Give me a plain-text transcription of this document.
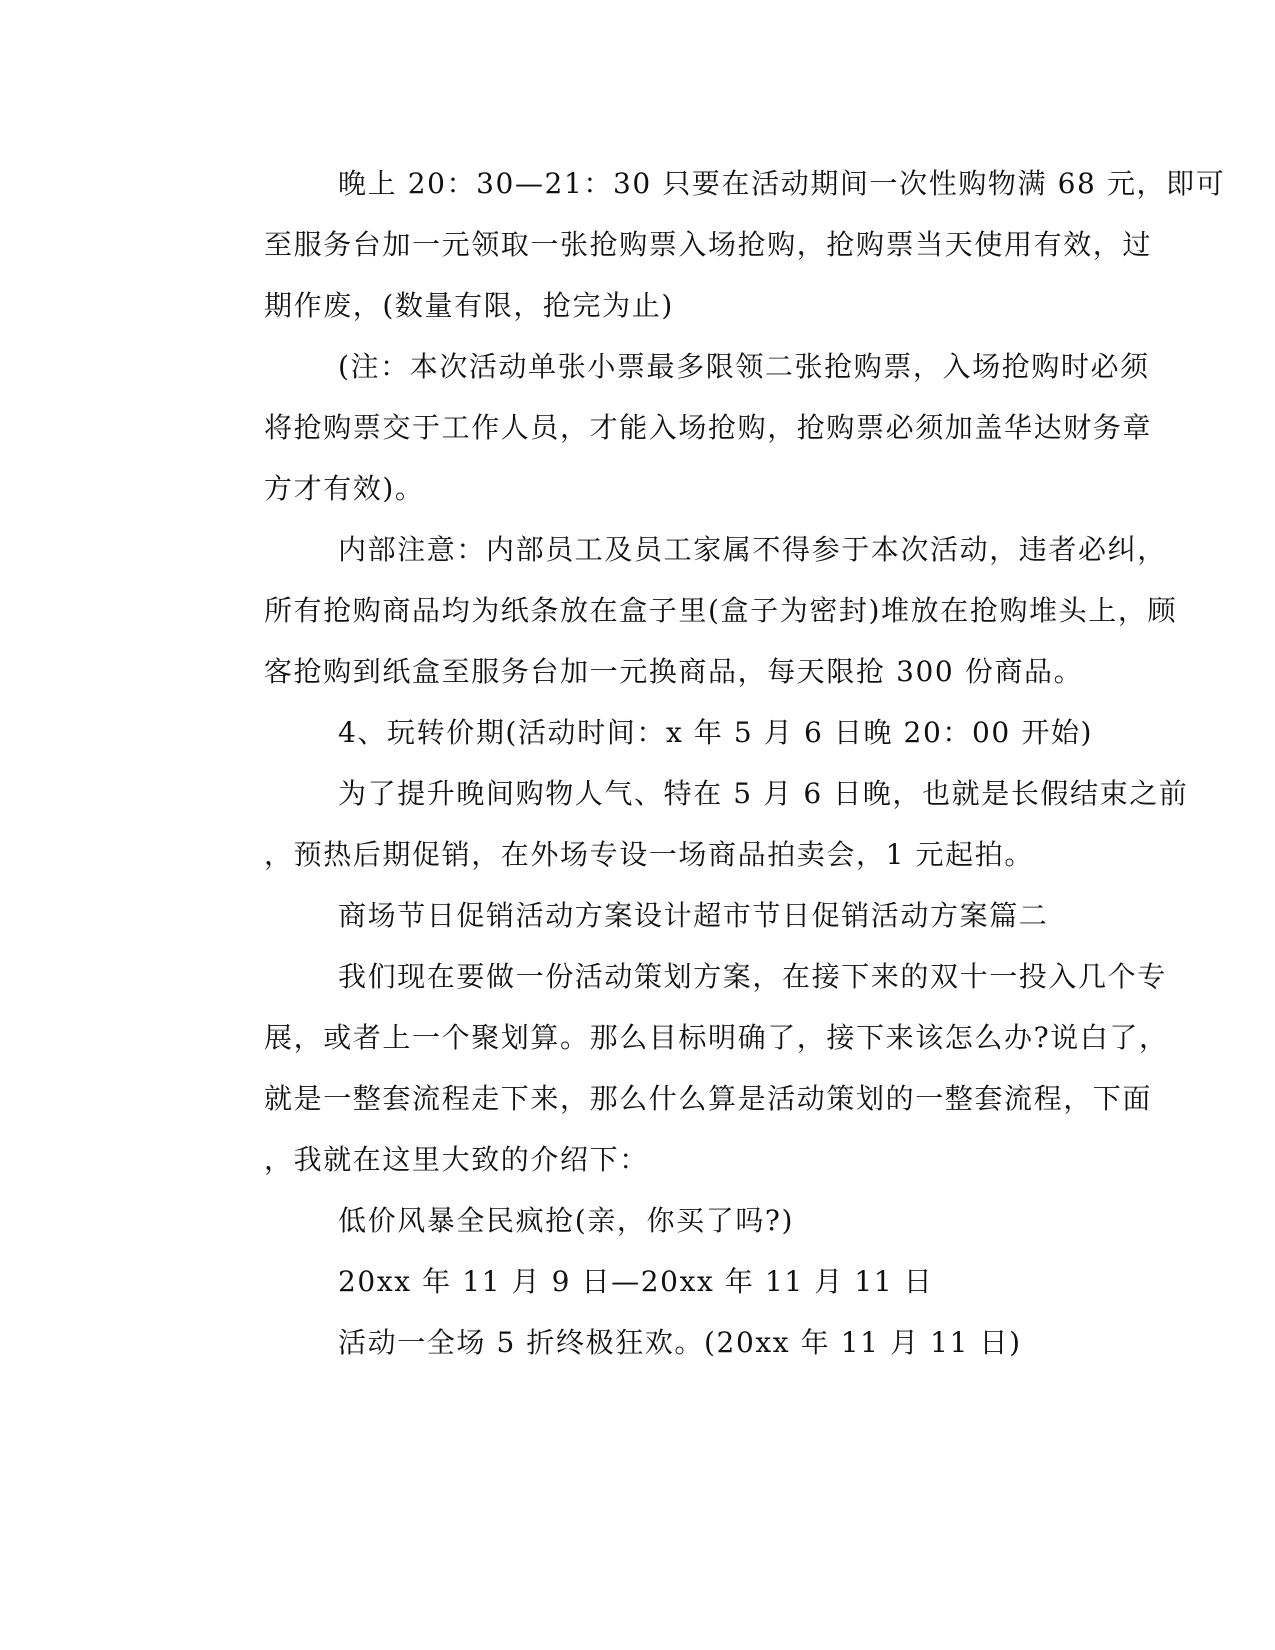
晚上 20：30—21：30 只要在活动期间一次性购物满 68 元，即可
至服务台加一元领取一张抢购票入场抢购，抢购票当天使用有效，过
期作废，(数量有限，抢完为止)
(注：本次活动单张小票最多限领二张抢购票，入场抢购时必须
将抢购票交于工作人员，才能入场抢购，抢购票必须加盖华达财务章
方才有效)。
内部注意：内部员工及员工家属不得参于本次活动，违者必纠，
所有抢购商品均为纸条放在盒子里(盒子为密封)堆放在抢购堆头上，顾
客抢购到纸盒至服务台加一元换商品，每天限抢 300 份商品。
4、玩转价期(活动时间：x 年 5 月 6 日晚 20：00 开始)
为了提升晚间购物人气、特在 5 月 6 日晚，也就是长假结束之前
，预热后期促销，在外场专设一场商品拍卖会，1 元起拍。
商场节日促销活动方案设计超市节日促销活动方案篇二
我们现在要做一份活动策划方案，在接下来的双十一投入几个专
展，或者上一个聚划算。那么目标明确了，接下来该怎么办?说白了，
就是一整套流程走下来，那么什么算是活动策划的一整套流程，下面
，我就在这里大致的介绍下：
低价风暴全民疯抢(亲，你买了吗?)
20xx 年 11 月 9 日—20xx 年 11 月 11 日
活动一全场 5 折终极狂欢。(20xx 年 11 月 11 日)
